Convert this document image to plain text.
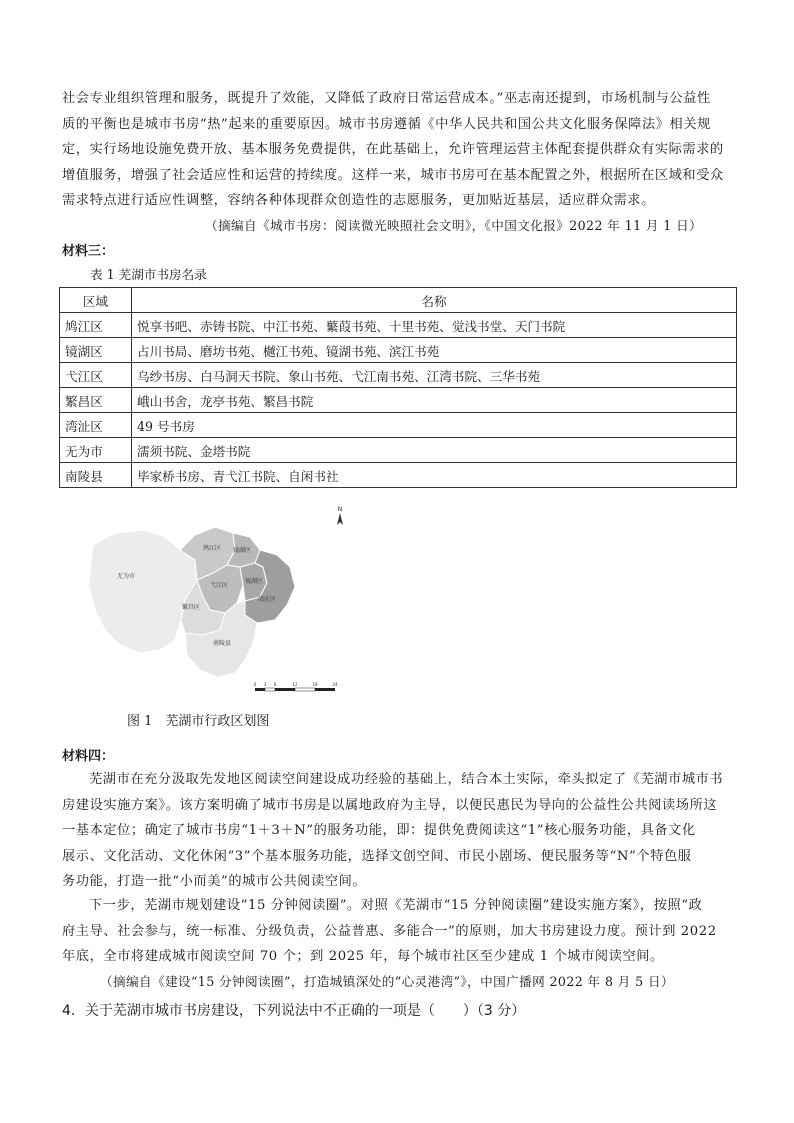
社会专业组织管理和服务，既提升了效能，又降低了政府日常运营成本。”巫志南还提到，市场机制与公益性
质的平衡也是城市书房“热”起来的重要原因。城市书房遵循《中华人民共和国公共文化服务保障法》相关规
定，实行场地设施免费开放、基本服务免费提供，在此基础上，允许管理运营主体配套提供群众有实际需求的
增值服务，增强了社会适应性和运营的持续度。这样一来，城市书房可在基本配置之外，根据所在区域和受众
需求特点进行适应性调整，容纳各种体现群众创造性的志愿服务，更加贴近基层，适应群众需求。
（摘编自《城市书房：阅读微光映照社会文明》，《中国文化报》2022 年 11 月 1 日）
材料三：
表 1 芜湖市书房名录
区域	名称
鸠江区	悦享书吧、赤铸书院、中江书苑、蘩葭书苑、十里书苑、觉浅书堂、天门书院
镜湖区	占川书局、磨坊书苑、樾江书苑、镜湖书苑、滨江书苑
弋江区	乌纱书房、白马洞天书院、象山书苑、弋江南书苑、江湾书院、三华书苑
繁昌区	峨山书舍，龙亭书苑、繁昌书院
湾沚区	49 号书房
无为市	濡须书院、金塔书院
南陵县	毕家桥书房、青弋江书院、自闲书社
N
无为市
鸠江区 镜湖区
弋江区
镜湖区
繁昌区
湾沚区
南陵县
0 3 6	12	18	24
图 1　芜湖市行政区划图
材料四：
芜湖市在充分汲取先发地区阅读空间建设成功经验的基础上，结合本土实际，牵头拟定了《芜湖市城市书
房建设实施方案》。该方案明确了城市书房是以属地政府为主导，以便民惠民为导向的公益性公共阅读场所这
一基本定位；确定了城市书房“1＋3＋N”的服务功能，即：提供免费阅读这“1”核心服务功能，具备文化
展示、文化活动、文化休闲“3”个基本服务功能，选择文创空间、市民小剧场、便民服务等“N”个特色服
务功能，打造一批“小而美”的城市公共阅读空间。
下一步，芜湖市规划建设“15 分钟阅读圈”。对照《芜湖市“15 分钟阅读圈”建设实施方案》，按照“政
府主导、社会参与，统一标准、分级负责，公益普惠、多能合一”的原则，加大书房建设力度。预计到 2022
年底，全市将建成城市阅读空间 70 个；到 2025 年，每个城市社区至少建成 1 个城市阅读空间。
（摘编自《建设“15 分钟阅读圈”，打造城镇深处的“心灵港湾”》，中国广播网 2022 年 8 月 5 日）
4．关于芜湖市城市书房建设，下列说法中不正确的一项是（　　）（3 分）
